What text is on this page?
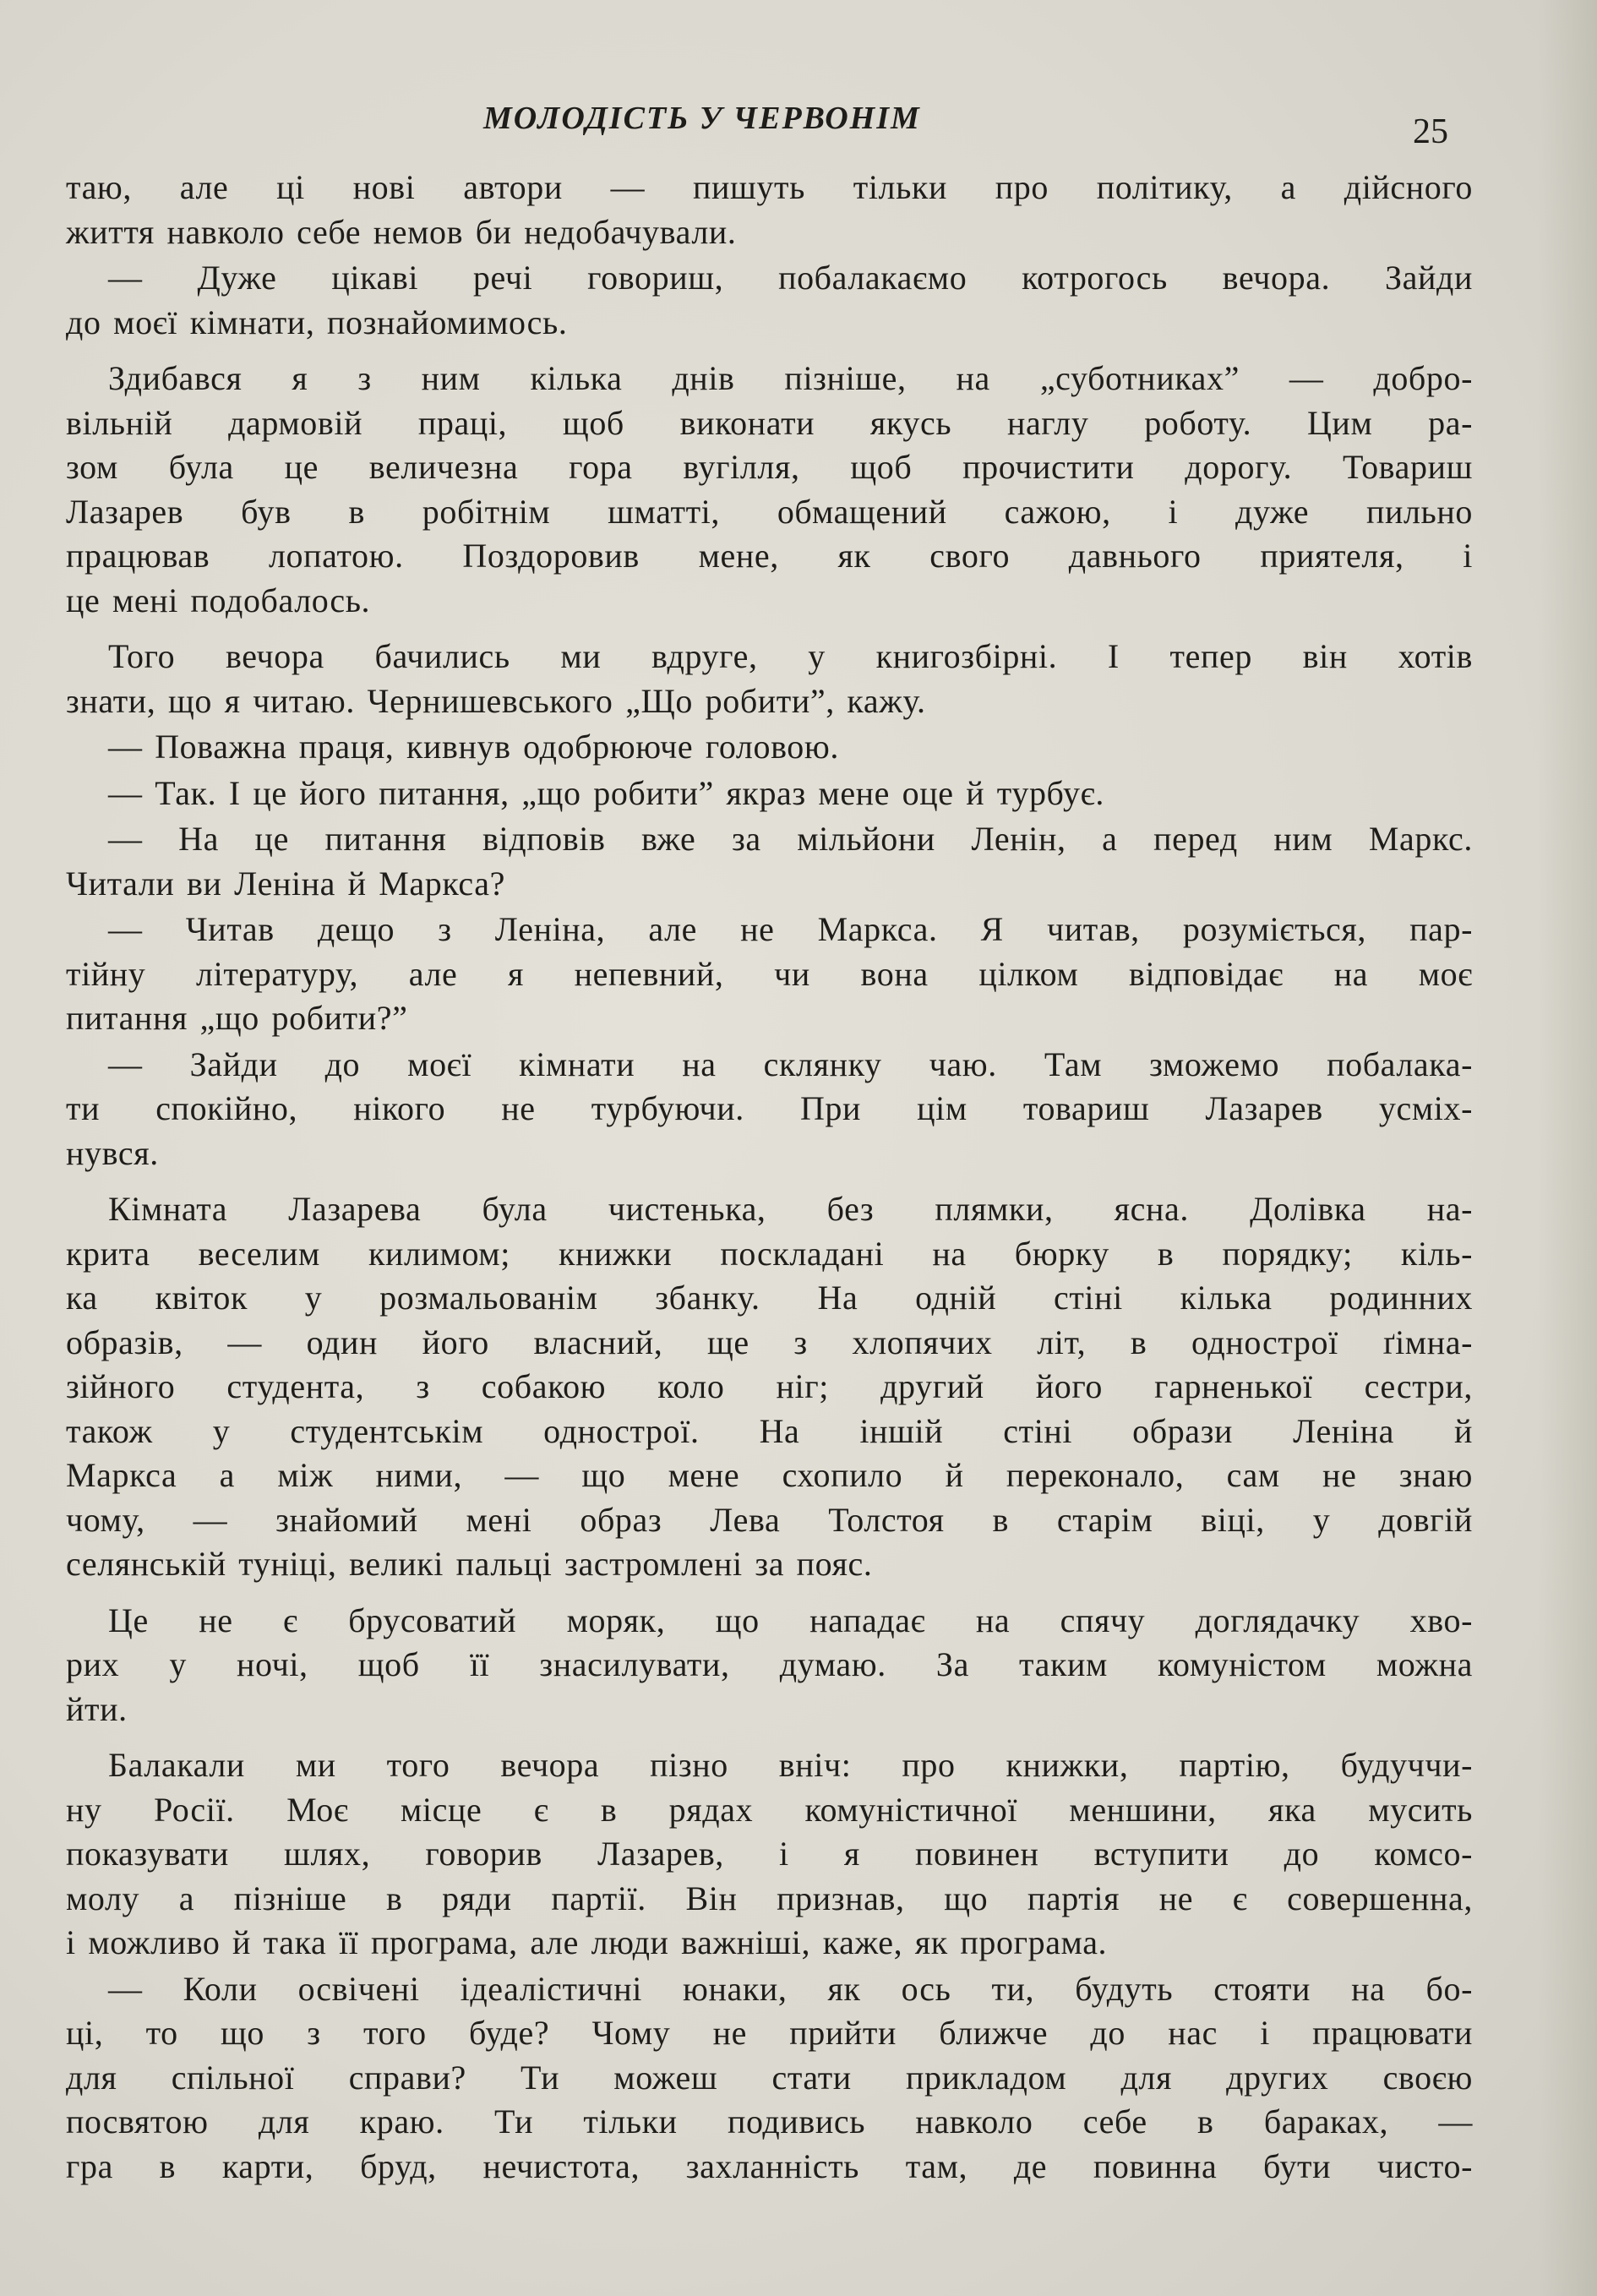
МОЛОДІСТЬ У ЧЕРВОНІМ	25

таю, але ці нові автори — пишуть тільки про політику, а дійсного
життя навколо себе немов би недобачували.

— Дуже цікаві речі говориш, побалакаємо котрогось вечора. Зайди
до моєї кімнати, познайомимось.

Здибався я з ним кілька днів пізніше, на „суботниках” — добро-
вільній дармовій праці, щоб виконати якусь наглу роботу. Цим ра-
зом була це величезна гора вугілля, щоб прочистити дорогу. Товариш
Лазарев був в робітнім шматті, обмащений сажою, і дуже пильно
працював лопатою. Поздоровив мене, як свого давнього приятеля, і
це мені подобалось.

Того вечора бачились ми вдруге, у книгозбірні. І тепер він хотів
знати, що я читаю. Чернишевського „Що робити”, кажу.

— Поважна праця, кивнув одобрююче головою.

— Так. І це його питання, „що робити” якраз мене оце й турбує.

— На це питання відповів вже за мільйони Ленін, а перед ним Маркс.
Читали ви Леніна й Маркса?

— Читав дещо з Леніна, але не Маркса. Я читав, розуміється, пар-
тійну літературу, але я непевний, чи вона цілком відповідає на моє
питання „що робити?”

— Зайди до моєї кімнати на склянку чаю. Там зможемо побалака-
ти спокійно, нікого не турбуючи. При цім товариш Лазарев усміх-
нувся.

Кімната Лазарева була чистенька, без плямки, ясна. Долівка на-
крита веселим килимом; книжки поскладані на бюрку в порядку; кіль-
ка квіток у розмальованім збанку. На одній стіні кілька родинних
образів, — один його власний, ще з хлопячих літ, в однострої ґімна-
зійного студента, з собакою коло ніг; другий його гарненької сестри,
також у студентськім однострої. На іншій стіні образи Леніна й
Маркса а між ними, — що мене схопило й переконало, сам не знаю
чому, — знайомий мені образ Лева Толстоя в старім віці, у довгій
селянській туніці, великі пальці застромлені за пояс.

Це не є брусоватий моряк, що нападає на спячу доглядачку хво-
рих у ночі, щоб її знасилувати, думаю. За таким комуністом можна
йти.

Балакали ми того вечора пізно вніч: про книжки, партію, будуччи-
ну Росії. Моє місце є в рядах комуністичної меншини, яка мусить
показувати шлях, говорив Лазарев, і я повинен вступити до комсо-
молу а пізніше в ряди партії. Він признав, що партія не є совершенна,
і можливо й така її програма, але люди важніші, каже, як програма.

— Коли освічені ідеалістичні юнаки, як ось ти, будуть стояти на бо-
ці, то що з того буде? Чому не прийти ближче до нас і працювати
для спільної справи? Ти можеш стати прикладом для других своєю
посвятою для краю. Ти тільки подивись навколо себе в бараках, —
гра в карти, бруд, нечистота, захланність там, де повинна бути чисто-
